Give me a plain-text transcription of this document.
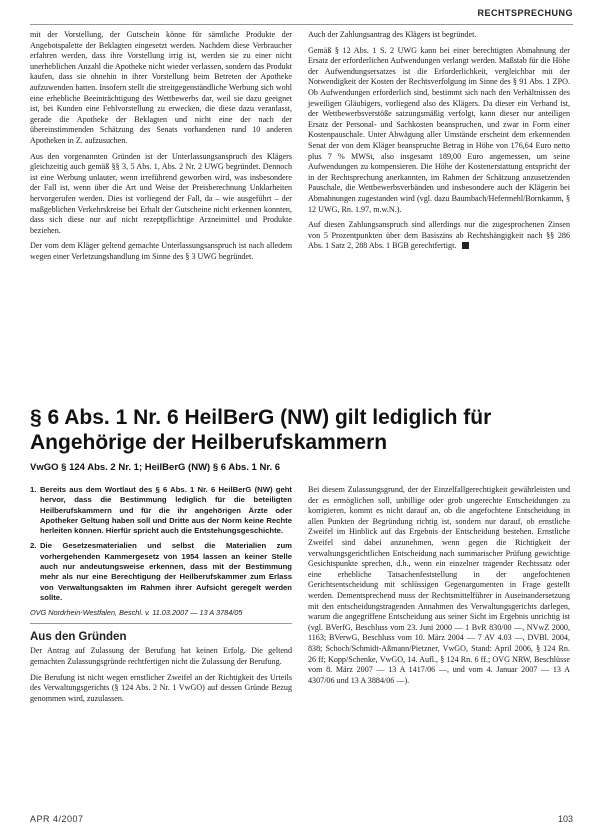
RECHTSPRECHUNG

mit der Vorstellung, der Gutschein könne für sämtliche Produkte der Angebotspalette der Beklagten eingesetzt werden. Nachdem diese Verbraucher erfahren werden, dass ihre Vorstellung irrig ist, werden sie zu einer nicht unerheblichen Anzahl die Apotheke nicht wieder verlassen, sondern das Produkt kaufen, dass sie ohnehin in ihrer Vorstellung beim Betreten der Apotheke aufzuwenden hatten. Insofern stellt die streitgegenständliche Werbung sich wohl eine erhebliche Beeinträchtigung des Wettbewerbs dar, weil sie dazu geeignet ist, bei Kunden eine Fehlvorstellung zu erwecken, die diese dazu veranlasst, gerade die Apotheke der Beklagten und nicht eine der nach der übereinstimmenden Schätzung des Senats vorhandenen rund 10 anderen Apotheken in Z. aufzusuchen.

Aus den vorgenannten Gründen ist der Unterlassungsanspruch des Klägers gleichzeitig auch gemäß §§ 3, 5 Abs. 1, Abs. 2 Nr. 2 UWG begründet. Dennoch ist eine Werbung unlauter, wenn irreführend geworben wird, was insbesondere der Fall ist, wenn über die Art und Weise der Preisberechnung Unklarheiten hervorgerufen werden. Dies ist vorliegend der Fall, da – wie ausgeführt – der maßgeblichen Verkehrskreise bei Erhalt der Gutscheine nicht erkennen konnten, dass sich diese nur auf nicht rezeptpflichtige Arzneimittel und Produkte beziehen.

Der vom dem Kläger geltend gemachte Unterlassungsanspruch ist nach alledem wegen einer Verletzungshandlung im Sinne des § 3 UWG begründet.

Auch der Zahlungsantrag des Klägers ist begründet.

Gemäß § 12 Abs. 1 S. 2 UWG kann bei einer berechtigten Abmahnung der Ersatz der erforderlichen Aufwendungen verlangt werden. Maßstab für die Höhe der Aufwendungsersatzes ist die Erforderlichkeit, vergleichbar mit der Notwendigkeit der Kosten der Rechtsverfolgung im Sinne des § 91 Abs. 1 ZPO. Ob Aufwendungen erforderlich sind, bestimmt sich nach den Verhältnissen des jeweiligen Gläubigers, vorliegend also des Klägers. Da dieser ein Verband ist, der Wettbewerbsverstöße satzungsmäßig verfolgt, kann dieser nur anteiligen Ersatz der Personal- und Sachkosten beanspruchen, und zwar in Form einer Kostenpauschale. Unter Abwägung aller Umstände erscheint dem erkennenden Senat der von dem Kläger beanspruchte Betrag in Höhe von 176,64 Euro netto plus 7 % MWSt, also insgesamt 189,00 Euro angemessen, um seine Aufwendungen zu kompensieren. Die Höhe der Kostenerstattung entspricht der in der Rechtsprechung anerkannten, im Rahmen der Schätzung anzusetzenden Pauschale, die Wettbewerbsverbänden und insbesondere auch der Klägerin bei Abmahnungen zugestanden wird (vgl. dazu Baumbach/Hefermehl/Bornkamm, § 12 UWG, Rn. 1.97, m.w.N.).

Auf diesen Zahlungsanspruch sind allerdings nur die zugesprochenen Zinsen von 5 Prozentpunkten über dem Basiszins ab Rechtshängigkeit nach §§ 286 Abs. 1 Satz 2, 288 Abs. 1 BGB gerechtfertigt.

§ 6 Abs. 1 Nr. 6 HeilBerG (NW) gilt lediglich für Angehörige der Heilberufskammern
VwGO § 124 Abs. 2 Nr. 1; HeilBerG (NW) § 6 Abs. 1 Nr. 6
1. Bereits aus dem Wortlaut des § 6 Abs. 1 Nr. 6 HeilBerG (NW) geht hervor, dass die Bestimmung lediglich für die beteiligten Heilberufskammern und für die ihr angehörigen Ärzte oder Apotheker Geltung haben soll und Dritte aus der Norm keine Rechte herleiten können. Hierfür spricht auch die Entstehungsgeschichte.
2. Die Gesetzesmaterialien und selbst die Materialien zum vorhergehenden Kammergesetz von 1954 lassen an keiner Stelle auch nur andeutungsweise erkennen, dass mit der Bestimmung mehr als nur eine Berechtigung der Heilberufskammer zum Erlass von Verwaltungsakten im Rahmen ihrer Aufsicht geregelt werden sollte.
OVG Nordrhein-Westfalen, Beschl. v. 11.03.2007 — 13 A 3784/05
Aus den Gründen

Der Antrag auf Zulassung der Berufung hat keinen Erfolg. Die geltend gemachten Zulassungsgründe rechtfertigen nicht die Zulassung der Berufung.

Die Berufung ist nicht wegen ernstlicher Zweifel an der Richtigkeit des Urteils des Verwaltungsgerichts (§ 124 Abs. 2 Nr. 1 VwGO) auf dessen Gründe Bezug genommen wird, zuzulassen.

Bei diesem Zulassungsgrund, der der Einzelfallgerechtigkeit gewährleisten und der es ermöglichen soll, unbillige oder grob ungerechte Entscheidungen zu korrigieren, kommt es nicht darauf an, ob die angefochtene Entscheidung in allen Punkten der Begründung richtig ist, sondern nur darauf, ob ernstliche Zweifel im Hinblick auf das Ergebnis der Entscheidung bestehen. Ernstliche Zweifel sind dabei anzunehmen, wenn gegen die Richtigkeit der verwaltungsgerichtlichen Entscheidung nach summarischer Prüfung gewichtige Gesichtspunkte sprechen, d.h., wenn ein einzelner tragender Rechtssatz oder eine erhebliche Tatsachenfeststellung in der angefochtenen Gerichtsentscheidung mit schlüssigen Gegenargumenten in Frage gestellt werden. Dementsprechend muss der Rechtsmittelführer in Auseinandersetzung mit den entscheidungstragenden Annahmen des Verwaltungsgerichts darlegen, warum die angegriffene Entscheidung aus seiner Sicht im Ergebnis unrichtig ist (vgl. BVerfG, Beschluss vom 23. Juni 2000 — 1 BvR 830/00 —, NVwZ 2000, 1163; BVerwG, Beschluss vom 10. März 2004 — 7 AV 4.03 —, DVBl. 2004, 838; Schoch/Schmidt-Aßmann/Pietzner, VwGO, Stand: April 2006, § 124 Rn. 26 ff; Kopp/Schenke, VwGO, 14. Aufl., § 124 Rn. 6 ff.; OVG NRW, Beschlüsse vom 8. März 2007 — 13 A 1417/06 —, und vom 4. Januar 2007 — 13 A 4307/06 und 13 A 3884/06 —).

APR 4/2007	103
